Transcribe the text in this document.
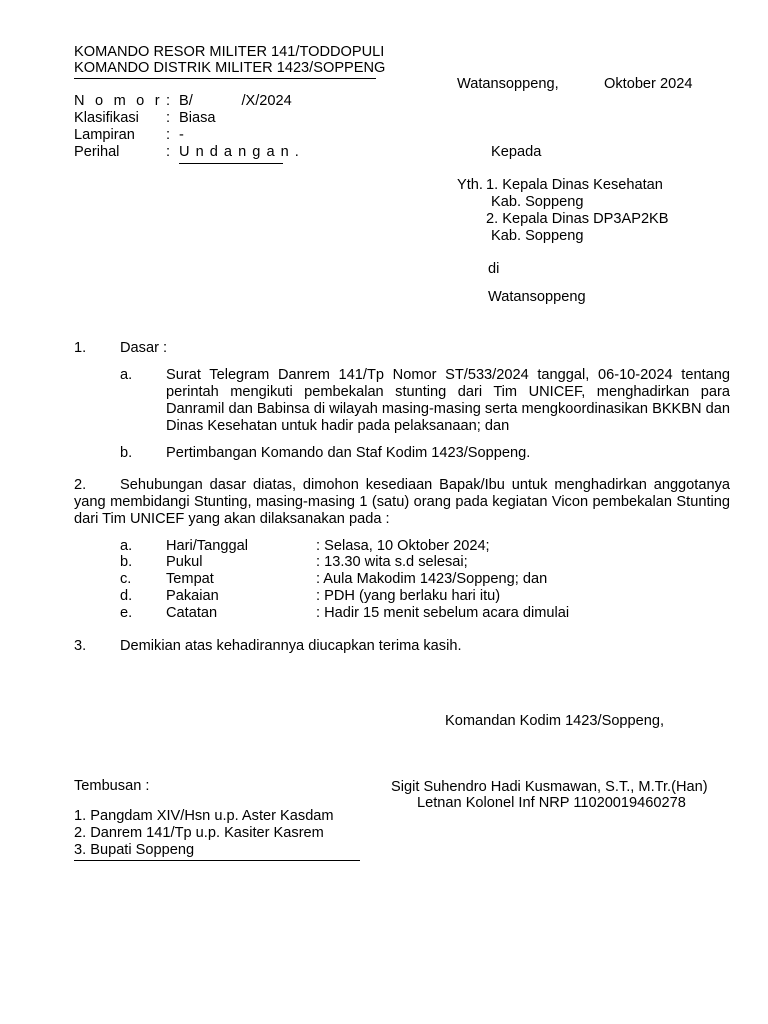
KOMANDO RESOR MILITER 141/TODDOPULI
KOMANDO DISTRIK MILITER 1423/SOPPENG
Watansoppeng,	Oktober 2024
N o m o r : B/            /X/2024
Klasifikasi : Biasa
Lampiran : -
Perihal	: U n d a n g a n .	Kepada
Yth. 1. Kepala Dinas Kesehatan
Kab. Soppeng
2. Kepala Dinas DP3AP2KB
Kab. Soppeng
di
Watansoppeng
1. Dasar :
a. Surat Telegram Danrem 141/Tp Nomor ST/533/2024 tanggal, 06-10-2024 tentang perintah mengikuti pembekalan stunting dari Tim UNICEF, menghadirkan para Danramil dan Babinsa di wilayah masing-masing serta mengkoordinasikan BKKBN dan Dinas Kesehatan untuk hadir pada pelaksanaan; dan
b. Pertimbangan Komando dan Staf Kodim 1423/Soppeng.
2.	Sehubungan dasar diatas, dimohon kesediaan Bapak/Ibu untuk menghadirkan anggotanya yang membidangi Stunting, masing-masing 1 (satu) orang pada kegiatan Vicon pembekalan Stunting dari Tim UNICEF yang akan dilaksanakan pada :
a. Hari/Tanggal	: Selasa, 10 Oktober 2024;
b. Pukul	: 13.30 wita s.d selesai;
c. Tempat	: Aula Makodim 1423/Soppeng; dan
d. Pakaian	: PDH (yang berlaku hari itu)
e. Catatan	: Hadir 15 menit sebelum acara dimulai
3. Demikian atas kehadirannya diucapkan terima kasih.
Komandan Kodim 1423/Soppeng,
Sigit Suhendro Hadi Kusmawan, S.T., M.Tr.(Han)
Letnan Kolonel Inf NRP 11020019460278
Tembusan :
1. Pangdam XIV/Hsn u.p. Aster Kasdam
2. Danrem 141/Tp u.p. Kasiter Kasrem
3. Bupati Soppeng
